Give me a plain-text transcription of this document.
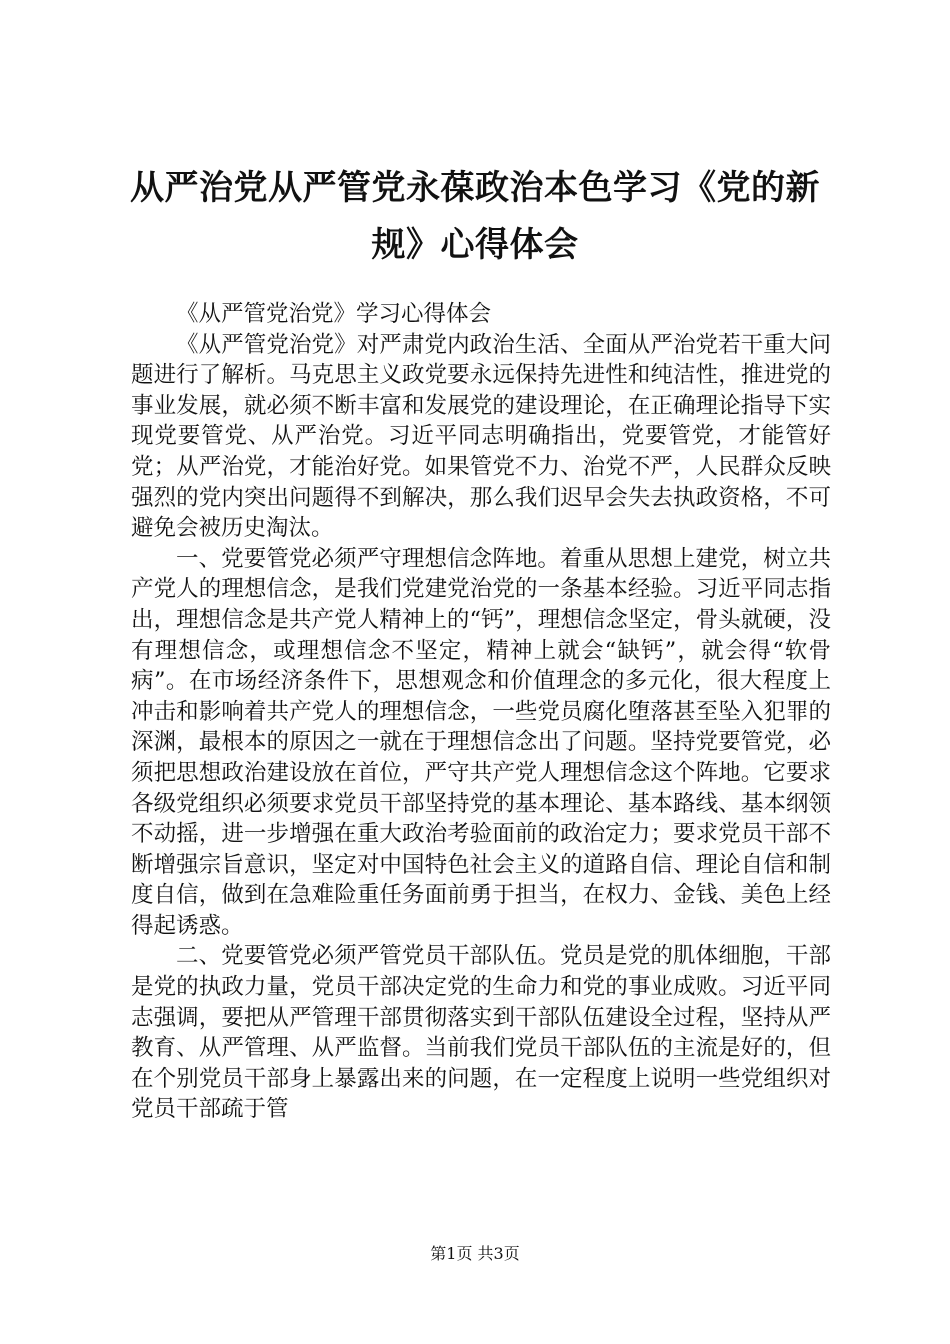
从严治党从严管党永葆政治本色学习《党的新规》心得体会

《从严管党治党》学习心得体会

《从严管党治党》对严肃党内政治生活、全面从严治党若干重大问题进行了解析。马克思主义政党要永远保持先进性和纯洁性，推进党的事业发展，就必须不断丰富和发展党的建设理论，在正确理论指导下实现党要管党、从严治党。习近平同志明确指出，党要管党，才能管好党；从严治党，才能治好党。如果管党不力、治党不严，人民群众反映强烈的党内突出问题得不到解决，那么我们迟早会失去执政资格，不可避免会被历史淘汰。

一、党要管党必须严守理想信念阵地。着重从思想上建党，树立共产党人的理想信念，是我们党建党治党的一条基本经验。习近平同志指出，理想信念是共产党人精神上的“钙”，理想信念坚定，骨头就硬，没有理想信念，或理想信念不坚定，精神上就会“缺钙”，就会得“软骨病”。在市场经济条件下，思想观念和价值理念的多元化，很大程度上冲击和影响着共产党人的理想信念，一些党员腐化堕落甚至坠入犯罪的深渊，最根本的原因之一就在于理想信念出了问题。坚持党要管党，必须把思想政治建设放在首位，严守共产党人理想信念这个阵地。它要求各级党组织必须要求党员干部坚持党的基本理论、基本路线、基本纲领不动摇，进一步增强在重大政治考验面前的政治定力；要求党员干部不断增强宗旨意识，坚定对中国特色社会主义的道路自信、理论自信和制度自信，做到在急难险重任务面前勇于担当，在权力、金钱、美色上经得起诱惑。

二、党要管党必须严管党员干部队伍。党员是党的肌体细胞，干部是党的执政力量，党员干部决定党的生命力和党的事业成败。习近平同志强调，要把从严管理干部贯彻落实到干部队伍建设全过程，坚持从严教育、从严管理、从严监督。当前我们党员干部队伍的主流是好的，但在个别党员干部身上暴露出来的问题，在一定程度上说明一些党组织对党员干部疏于管

第1页 共3页
